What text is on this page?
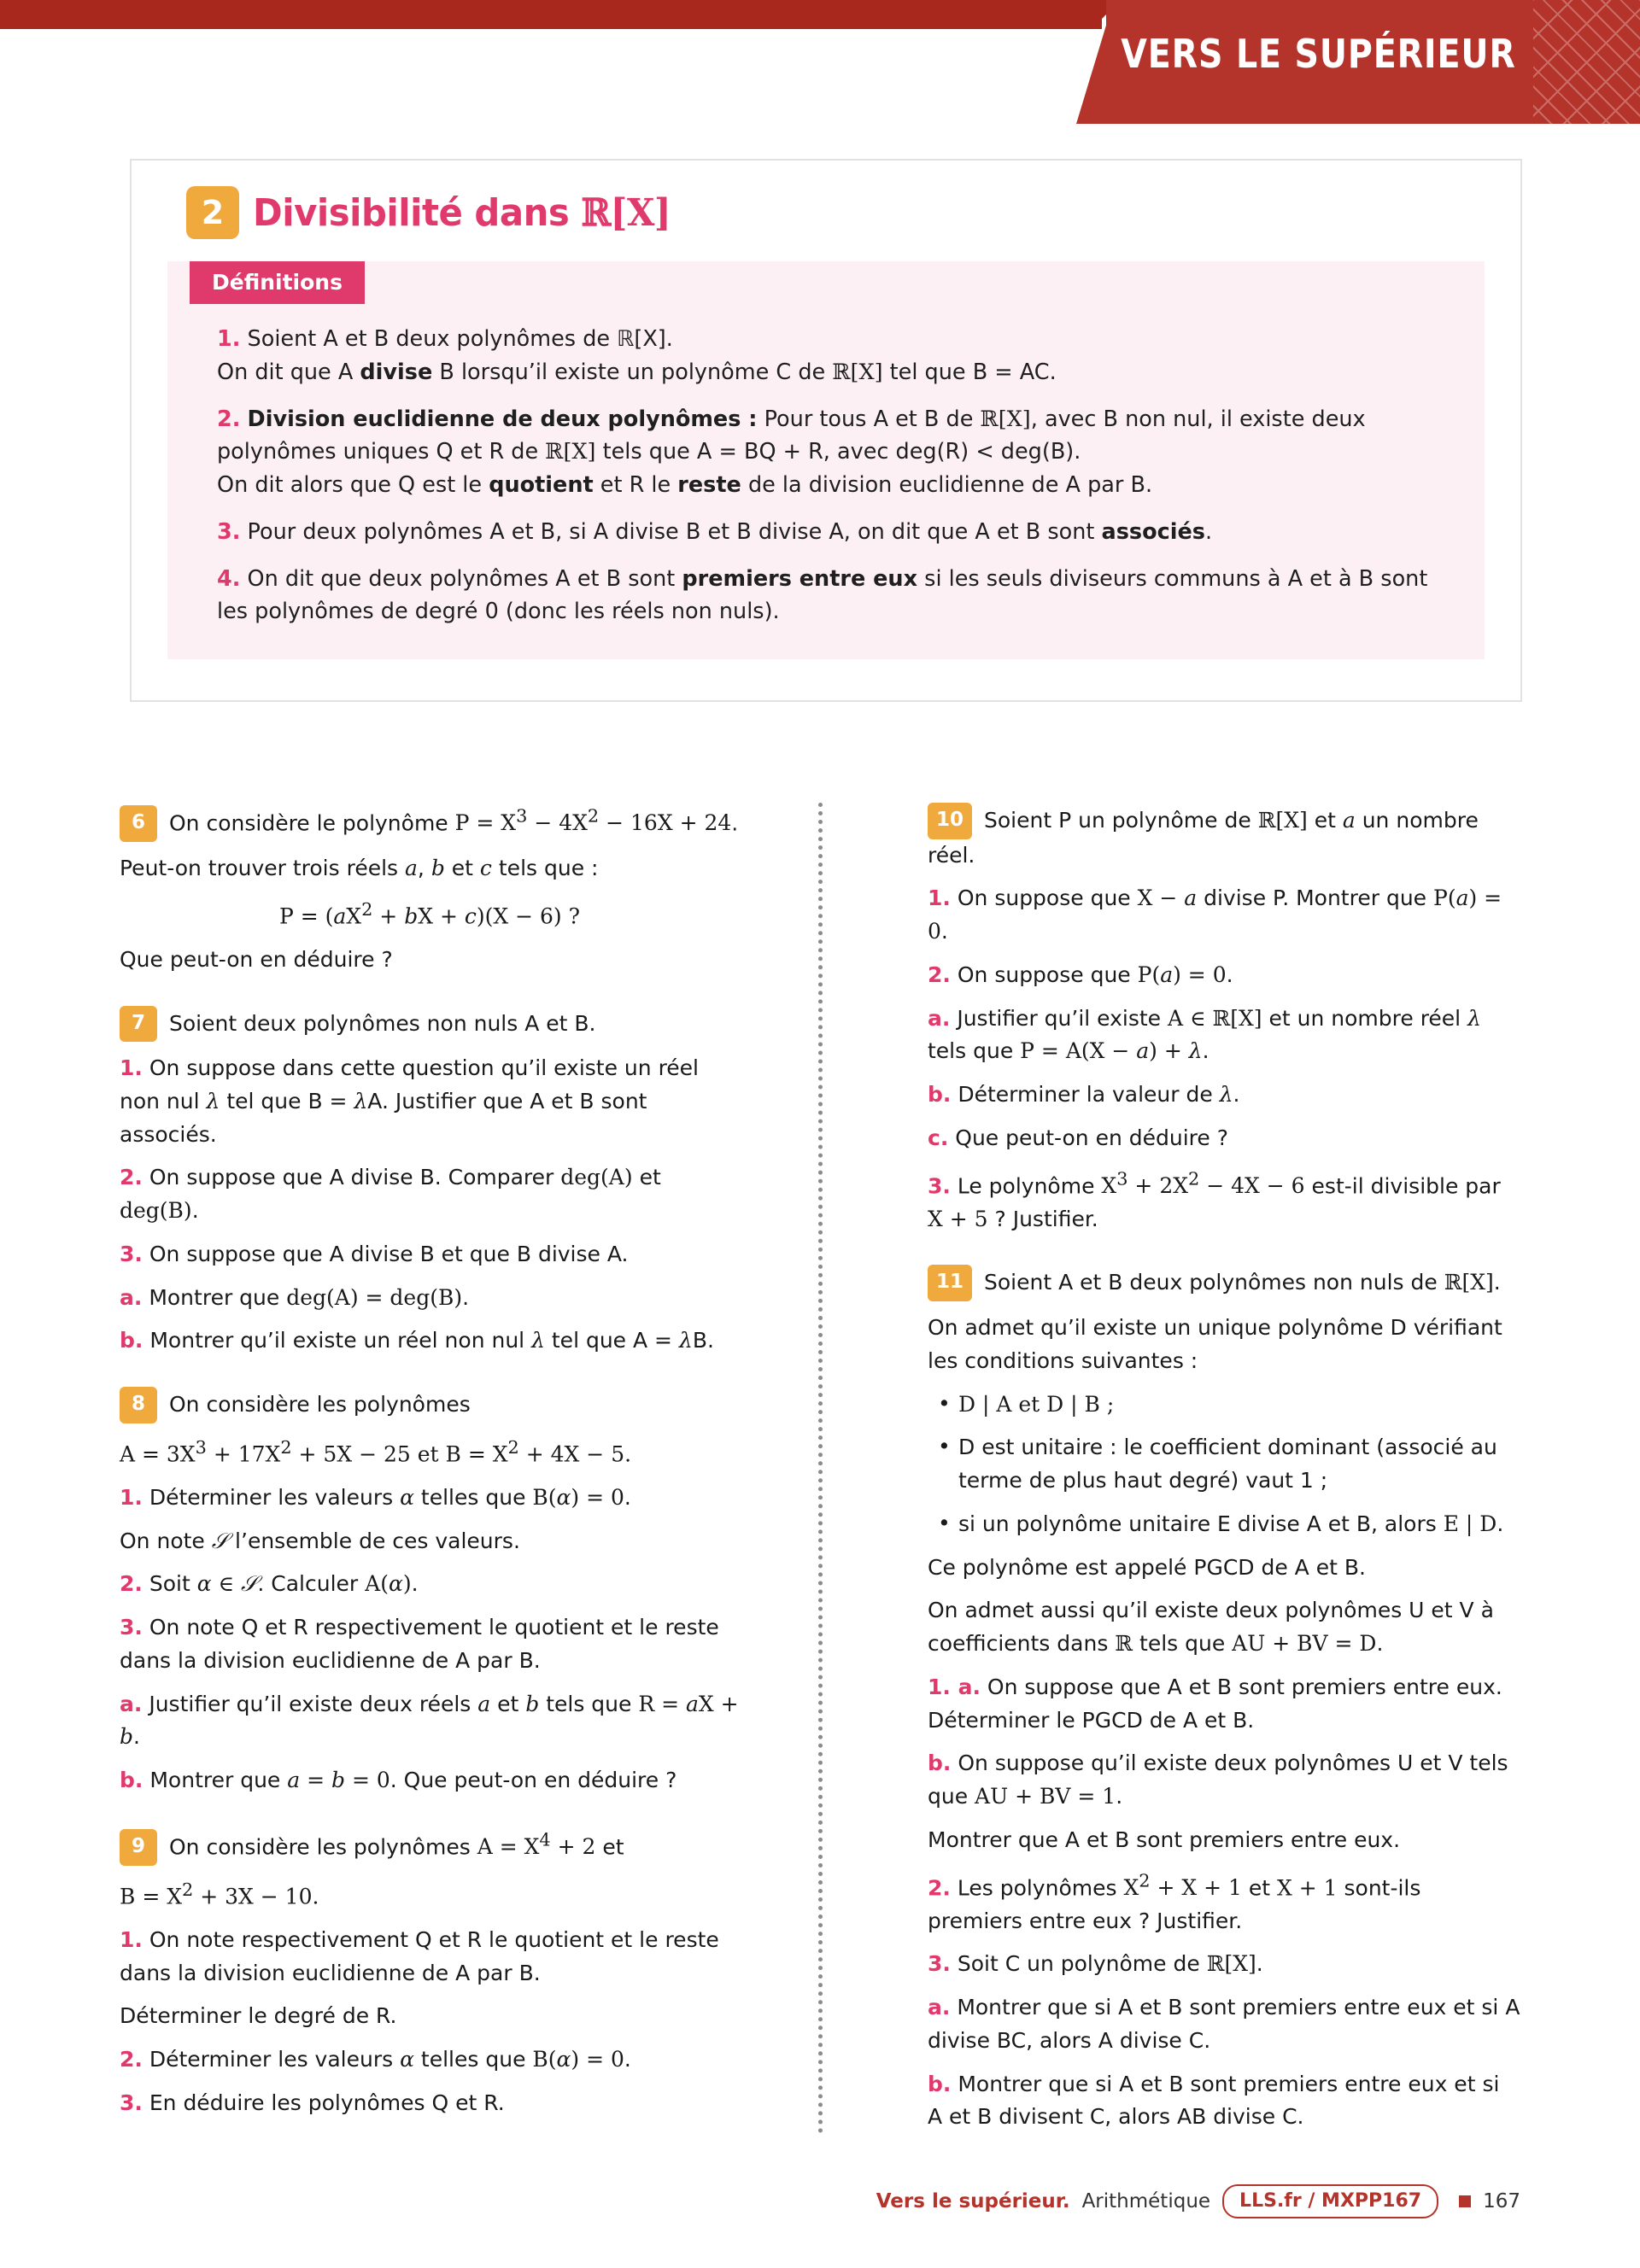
VERS LE SUPÉRIEUR
2 Divisibilité dans ℝ[X]
Définitions

1. Soient A et B deux polynômes de ℝ[X].
On dit que A divise B lorsqu’il existe un polynôme C de ℝ[X] tel que B = AC.

2. Division euclidienne de deux polynômes : Pour tous A et B de ℝ[X], avec B non nul, il existe deux polynômes uniques Q et R de ℝ[X] tels que A = BQ + R, avec deg(R) < deg(B).
On dit alors que Q est le quotient et R le reste de la division euclidienne de A par B.

3. Pour deux polynômes A et B, si A divise B et B divise A, on dit que A et B sont associés.

4. On dit que deux polynômes A et B sont premiers entre eux si les seuls diviseurs communs à A et à B sont les polynômes de degré 0 (donc les réels non nuls).

6 On considère le polynôme $P = X^3 - 4X^2 - 16X + 24$.

Peut-on trouver trois réels a, b et c tels que :

$P = (aX^2$ + bX + c)(X − 6) ?

Que peut-on en déduire ?

7 Soient deux polynômes non nuls A et B.

1. On suppose dans cette question qu’il existe un réel non nul λ tel que B = λA. Justifier que A et B sont associés.

2. On suppose que A divise B. Comparer deg(A) et deg(B).

3. On suppose que A divise B et que B divise A.

a. Montrer que deg(A) = deg(B).

b. Montrer qu’il existe un réel non nul λ tel que A = λB.

8 On considère les polynômes

$A = 3X^3 + 17X^2 + 5X - 25$ et $B = X^2 + 4X - 5$.

1. Déterminer les valeurs α telles que B(α) = 0.

On note 𝒮 l’ensemble de ces valeurs.

2. Soit α ∈ 𝒮. Calculer A(α).

3. On note Q et R respectivement le quotient et le reste dans la division euclidienne de A par B.

a. Justifier qu’il existe deux réels a et b tels que R = aX + b.

b. Montrer que a = b = 0. Que peut-on en déduire ?

9 On considère les polynômes $A = X^4 + 2$ et

$B = X^2 + 3X - 10$.

1. On note respectivement Q et R le quotient et le reste dans la division euclidienne de A par B.

Déterminer le degré de R.

2. Déterminer les valeurs α telles que B(α) = 0.

3. En déduire les polynômes Q et R.

10 Soient P un polynôme de ℝ[X] et a un nombre réel.

1. On suppose que X − a divise P. Montrer que P(a) = 0.

2. On suppose que P(a) = 0.

a. Justifier qu’il existe A ∈ ℝ[X] et un nombre réel λ tels que P = A(X − a) + λ.

b. Déterminer la valeur de λ.

c. Que peut-on en déduire ?

3. Le polynôme $X^3 + 2X^2 - 4X - 6$ est-il divisible par X + 5 ? Justifier.

11 Soient A et B deux polynômes non nuls de ℝ[X].

On admet qu’il existe un unique polynôme D vérifiant les conditions suivantes :

• D | A et D | B ;
• D est unitaire : le coefficient dominant (associé au terme de plus haut degré) vaut 1 ;
• si un polynôme unitaire E divise A et B, alors E | D.

Ce polynôme est appelé PGCD de A et B.

On admet aussi qu’il existe deux polynômes U et V à coefficients dans ℝ tels que AU + BV = D.

1. a. On suppose que A et B sont premiers entre eux. Déterminer le PGCD de A et B.

b. On suppose qu’il existe deux polynômes U et V tels que AU + BV = 1.

Montrer que A et B sont premiers entre eux.

2. Les polynômes $X^2 + X + 1$ et X + 1 sont-ils premiers entre eux ? Justifier.

3. Soit C un polynôme de ℝ[X].

a. Montrer que si A et B sont premiers entre eux et si A divise BC, alors A divise C.

b. Montrer que si A et B sont premiers entre eux et si A et B divisent C, alors AB divise C.

Vers le supérieur. Arithmétique	LLS.fr / MXPP167	167
